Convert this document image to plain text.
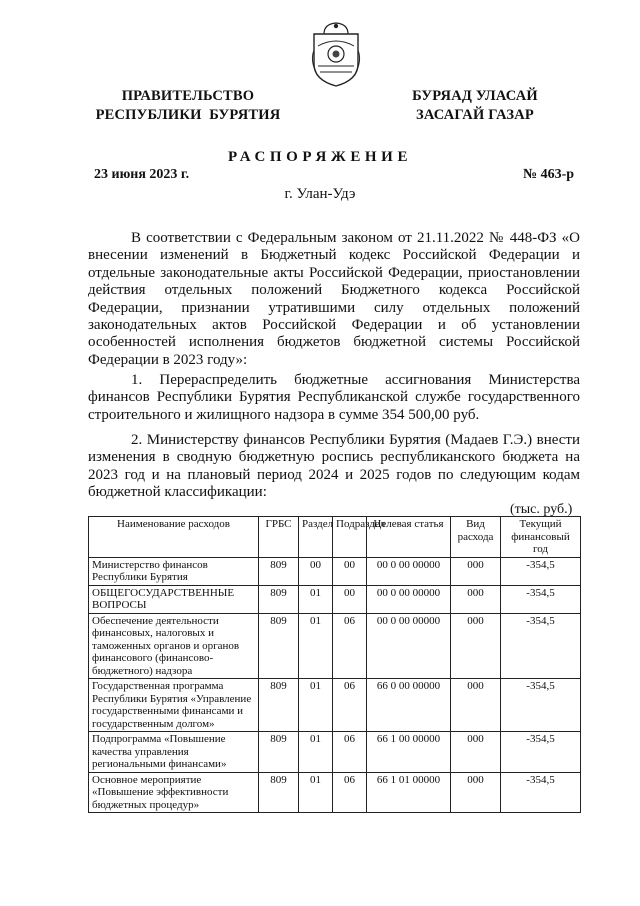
ПРАВИТЕЛЬСТВО
РЕСПУБЛИКИ  БУРЯТИЯ
БУРЯАД УЛАСАЙ
ЗАСАГАЙ ГАЗАР
РАСПОРЯЖЕНИЕ
23 июня 2023 г.	№ 463-р
г. Улан-Удэ

В соответствии с Федеральным законом от 21.11.2022 № 448-ФЗ «О внесении изменений в Бюджетный кодекс Российской Федерации и отдельные законодательные акты Российской Федерации, приостановлении действия отдельных положений Бюджетного кодекса Российской Федерации, признании утратившими силу отдельных положений законодательных актов Российской Федерации и об установлении особенностей исполнения бюджетов бюджетной системы Российской Федерации в 2023 году»:

1. Перераспределить бюджетные ассигнования Министерства финансов Республики Бурятия Республиканской службе государственного строительного и жилищного надзора в сумме 354 500,00 руб.

2. Министерству финансов Республики Бурятия (Мадаев Г.Э.) внести изменения в сводную бюджетную роспись республиканского бюджета на 2023 год и на плановый период 2024 и 2025 годов по следующим кодам бюджетной классификации:

(тыс. руб.)
Наименование расходов	ГРБС	Раздел	Подраздел	Целевая статья	Вид расхода	Текущий финансовый год
Министерство финансов Республики Бурятия	809	00	00	00 0 00 00000	000	-354,5
ОБЩЕГОСУДАРСТВЕННЫЕ ВОПРОСЫ	809	01	00	00 0 00 00000	000	-354,5
Обеспечение деятельности финансовых, налоговых и таможенных органов и органов финансового (финансово-бюджетного) надзора	809	01	06	00 0 00 00000	000	-354,5
Государственная программа Республики Бурятия «Управление государственными финансами и государственным долгом»	809	01	06	66 0 00 00000	000	-354,5
Подпрограмма «Повышение качества управления региональными финансами»	809	01	06	66 1 00 00000	000	-354,5
Основное мероприятие «Повышение эффективности бюджетных процедур»	809	01	06	66 1 01 00000	000	-354,5
